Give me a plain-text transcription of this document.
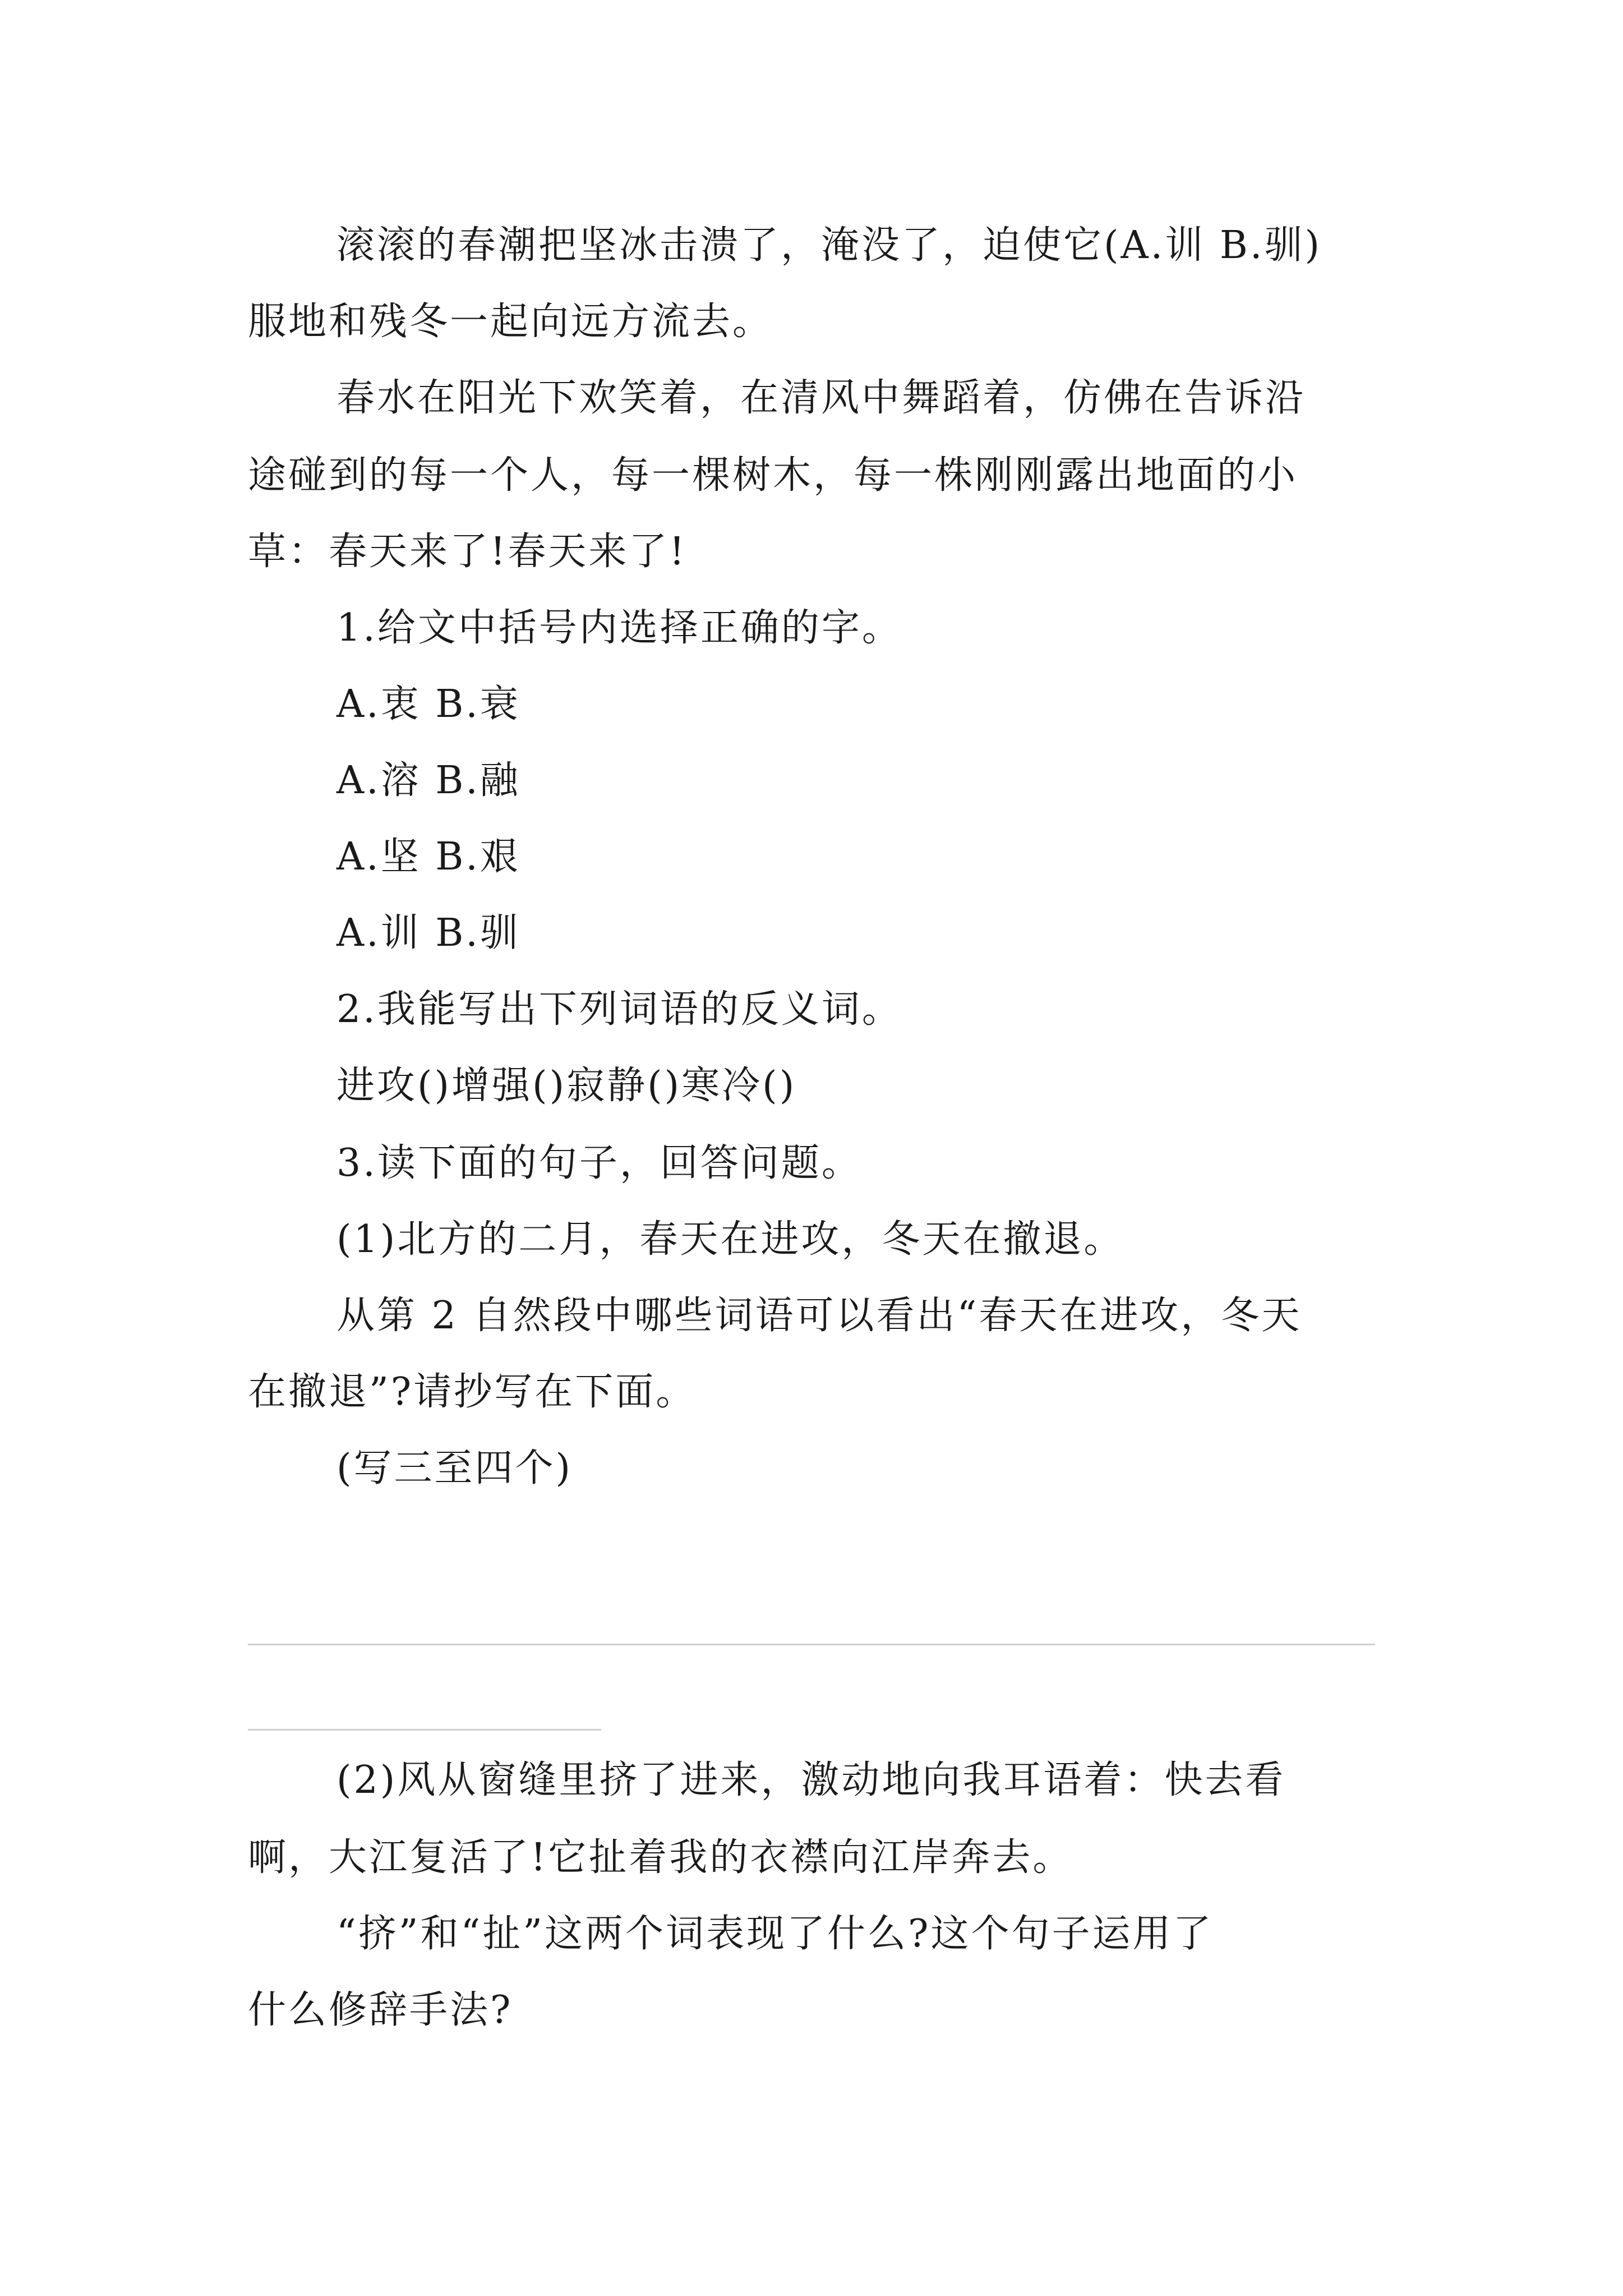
滚滚的春潮把坚冰击溃了，淹没了，迫使它(A.训 B.驯)
服地和残冬一起向远方流去。
春水在阳光下欢笑着，在清风中舞蹈着，仿佛在告诉沿
途碰到的每一个人，每一棵树木，每一株刚刚露出地面的小
草：春天来了!春天来了!
1.给文中括号内选择正确的字。
A.衷 B.衰
A.溶 B.融
A.坚 B.艰
A.训 B.驯
2.我能写出下列词语的反义词。
进攻()增强()寂静()寒冷()
3.读下面的句子，回答问题。
(1)北方的二月，春天在进攻，冬天在撤退。
从第 2 自然段中哪些词语可以看出“春天在进攻，冬天
在撤退”?请抄写在下面。
(写三至四个)
(2)风从窗缝里挤了进来，激动地向我耳语着：快去看
啊，大江复活了!它扯着我的衣襟向江岸奔去。
“挤”和“扯”这两个词表现了什么?这个句子运用了
什么修辞手法?
